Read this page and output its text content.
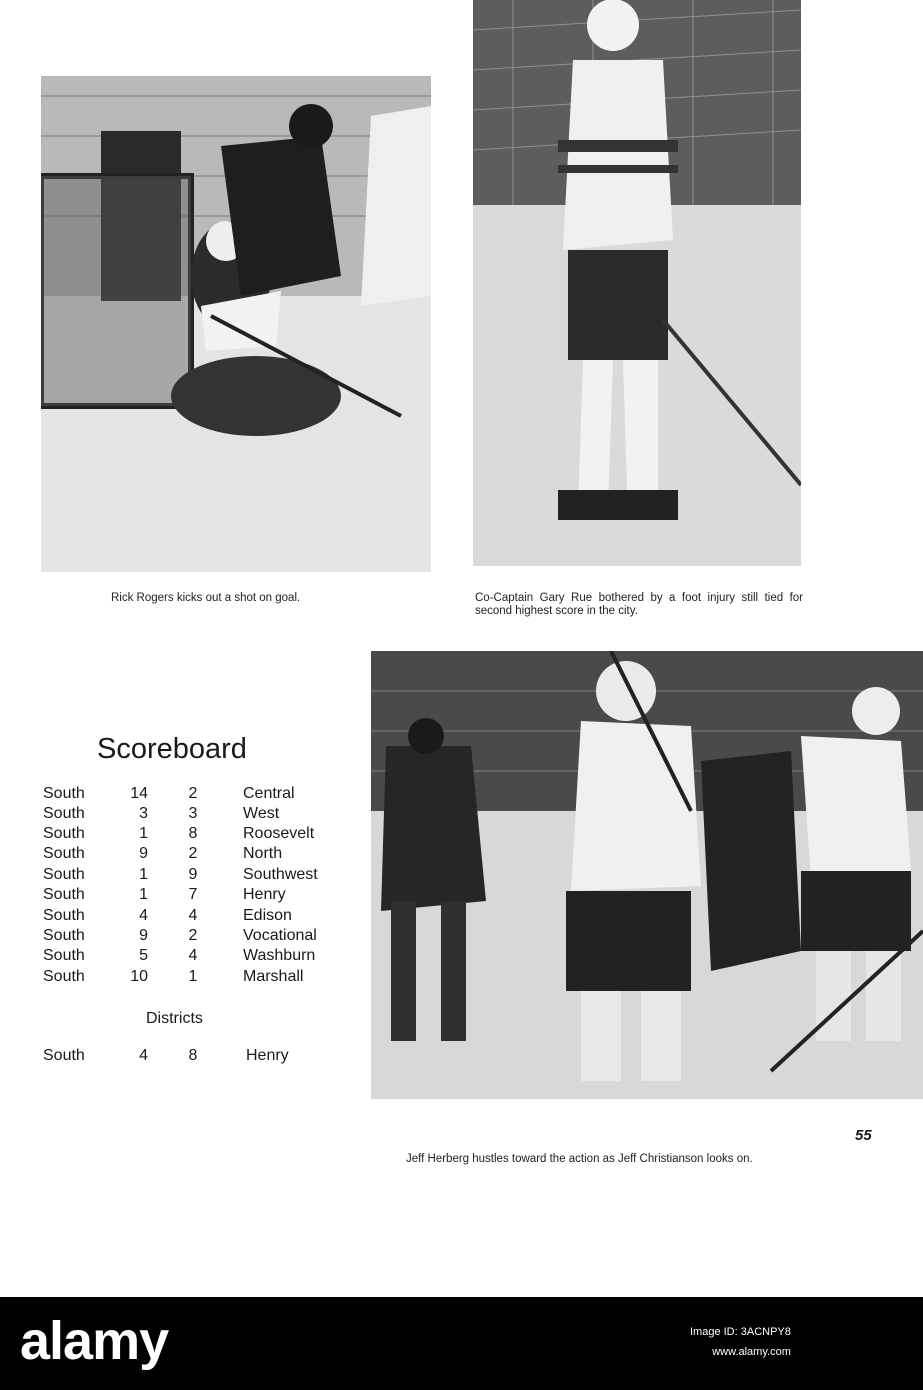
Rick Rogers kicks out a shot on goal.	Co-Captain Gary Rue bothered by a foot injury still tied for second highest score in the city.
Jeff Herberg hustles toward the action as Jeff Christianson looks on.
Scoreboard
South	14	2	Central
South	3	3	West
South	1	8	Roosevelt
South	9	2	North
South	1	9	Southwest
South	1	7	Henry
South	4	4	Edison
South	9	2	Vocational
South	5	4	Washburn
South	10	1	Marshall
Districts
South	4	8	Henry
55
alamy	Image ID: 3ACNPY8
www.alamy.com
